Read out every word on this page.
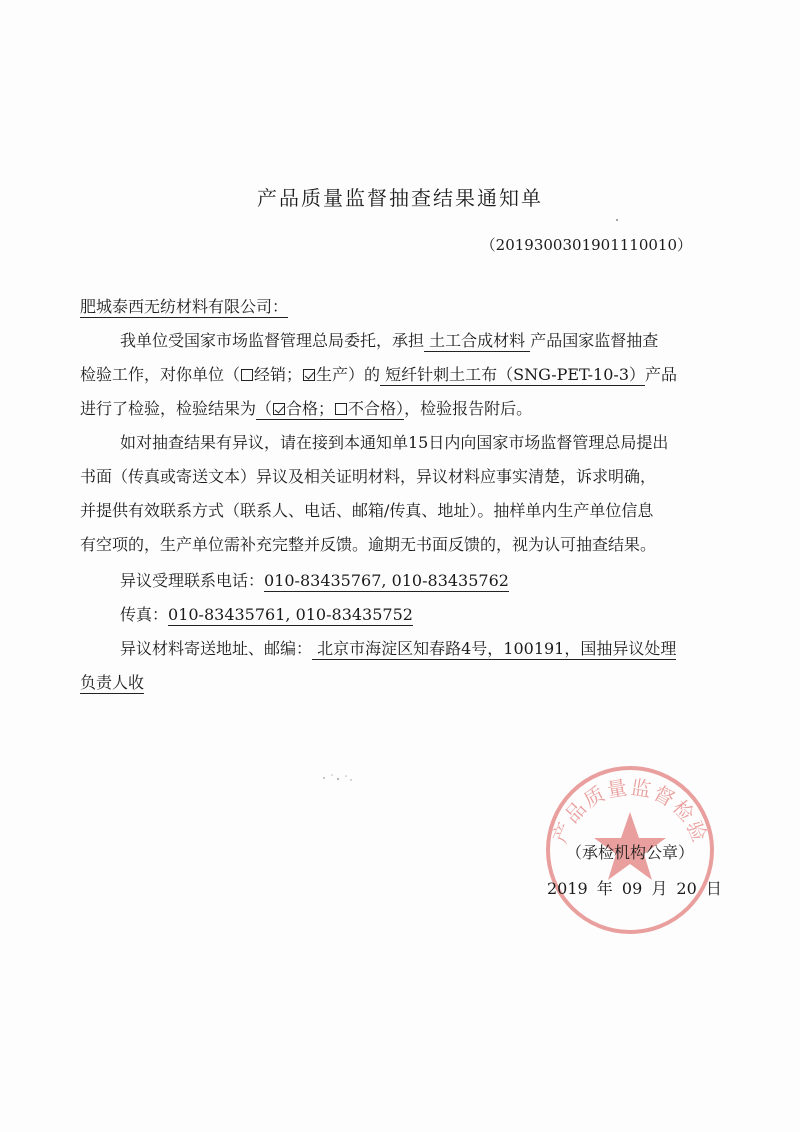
产品质量监督抽查结果通知单
（2019300301901110010）
肥城泰西无纺材料有限公司：
我单位受国家市场监督管理总局委托，承担 土工合成材料 产品国家监督抽查
检验工作，对你单位（ 经销； 生产）的 短纤针刺土工布（SNG-PET-10-3）产品
进行了检验，检验结果为（ 合格； 不合格），检验报告附后。
如对抽查结果有异议，请在接到本通知单15日内向国家市场监督管理总局提出
书面（传真或寄送文本）异议及相关证明材料，异议材料应事实清楚，诉求明确，
并提供有效联系方式（联系人、电话、邮箱/传真、地址）。抽样单内生产单位信息
有空项的，生产单位需补充完整并反馈。逾期无书面反馈的，视为认可抽查结果。
异议受理联系电话：010-83435767, 010-83435762
传真：010-83435761, 010-83435752
异议材料寄送地址、邮编： 北京市海淀区知春路4号，100191，国抽异议处理
负责人收
产品质量监督检验
（承检机构公章）
2019 年 09 月 20 日
